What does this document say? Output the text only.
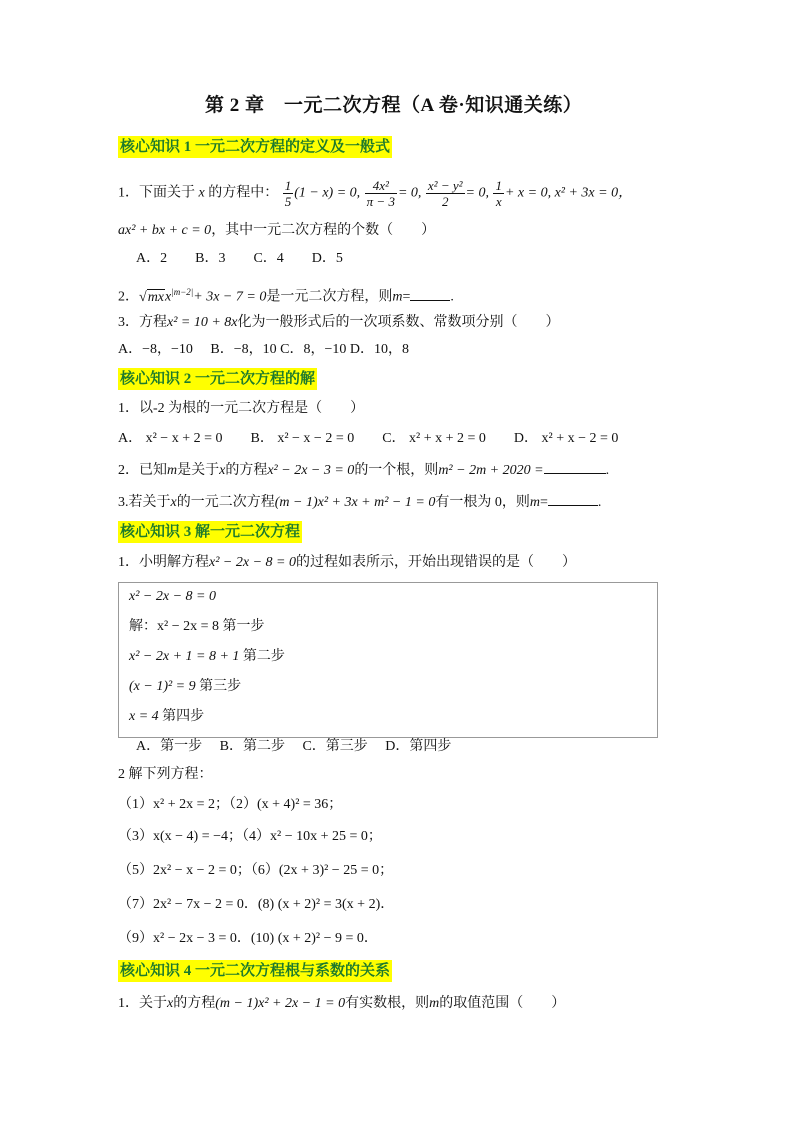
第 2 章　一元二次方程（A 卷·知识通关练）
核心知识 1 一元二次方程的定义及一般式
1．下面关于 x 的方程中： $\frac{1}{5} (1 - x) = 0$, $\frac{\text{4x²}}{\pi - 3} = 0$, $\frac{\text{x² − y²}}{2} = 0$, $\frac{1}{x} + x = 0$, x² + 3x = 0，
ax² + bx + c = 0，其中一元二次方程的个数（　　）
A．2　　B．3　　C．4　　D．5
2．√mxx$^{|m-2|}$+ 3x − 7 = 0是一元二次方程，则m=	.
3．方程x² = 10 + 8x化为一般形式后的一次项系数、常数项分别（　　）
A．−8，−10　 B．−8，10 C．8，−10 D．10，8
核心知识 2 一元二次方程的解
1．以-2 为根的一元二次方程是（　　）
A． x² − x + 2 = 0　　B． x² − x − 2 = 0　　C． x² + x + 2 = 0　　D． x² + x − 2 = 0
2．已知m是关于x的方程x² − 2x − 3 = 0的一个根，则m² − 2m + 2020 =	.
3.若关于x的一元二次方程(m − 1)x² + 3x + m² − 1 = 0有一根为 0，则m=	.
核心知识 3 解一元二次方程
1．小明解方程x² − 2x − 8 = 0的过程如表所示，开始出现错误的是（　　）
x² − 2x − 8 = 0
解：x² − 2x = 8 第一步
x² − 2x + 1 = 8 + 1 第二步
(x − 1)² = 9 第三步
x = 4 第四步
A．第一步　 B．第二步　 C．第三步　 D．第四步
2 解下列方程：
（1）x² + 2x = 2；（2）(x + 4)² = 36；
（3）x(x − 4) = −4；（4）x² − 10x + 25 = 0；
（5）2x² − x − 2 = 0；（6）(2x + 3)² − 25 = 0；
（7）2x² − 7x − 2 = 0．(8) (x + 2)² = 3(x + 2)．
（9）x² − 2x − 3 = 0．(10) (x + 2)² − 9 = 0．
核心知识 4 一元二次方程根与系数的关系
1．关于x的方程(m − 1)x² + 2x − 1 = 0有实数根，则m的取值范围（　　）
